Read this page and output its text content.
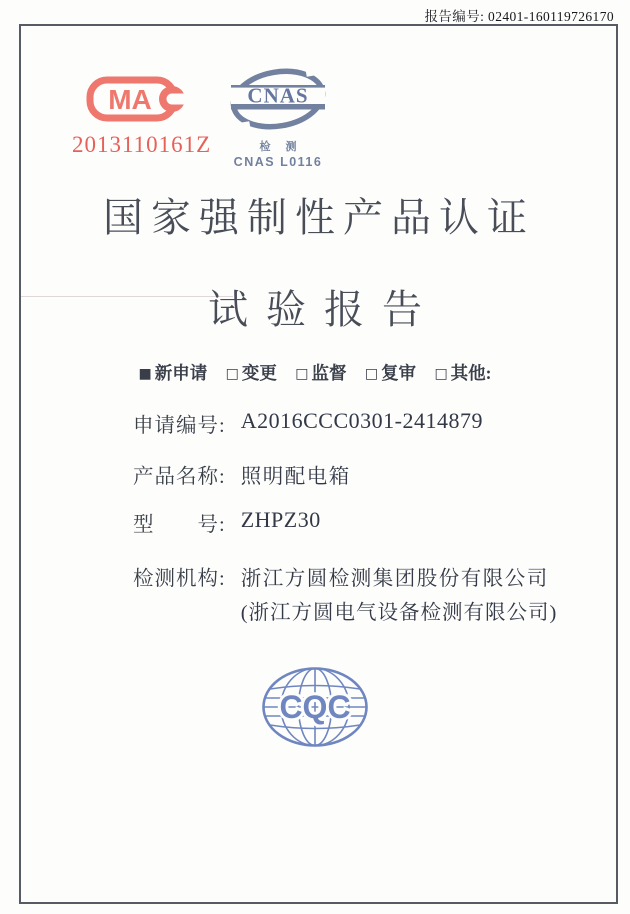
报告编号: 02401-160119726170
MA
2013110161Z
CNAS
检 测
CNAS L0116
国家强制性产品认证
试验报告
■ 新申请 □ 变更 □ 监督 □ 复审 □ 其他:
申请编号: A2016CCC0301-2414879
产品名称: 照明配电箱
型　　号: ZHPZ30
检测机构: 浙江方圆检测集团股份有限公司
(浙江方圆电气设备检测有限公司)
CQC
